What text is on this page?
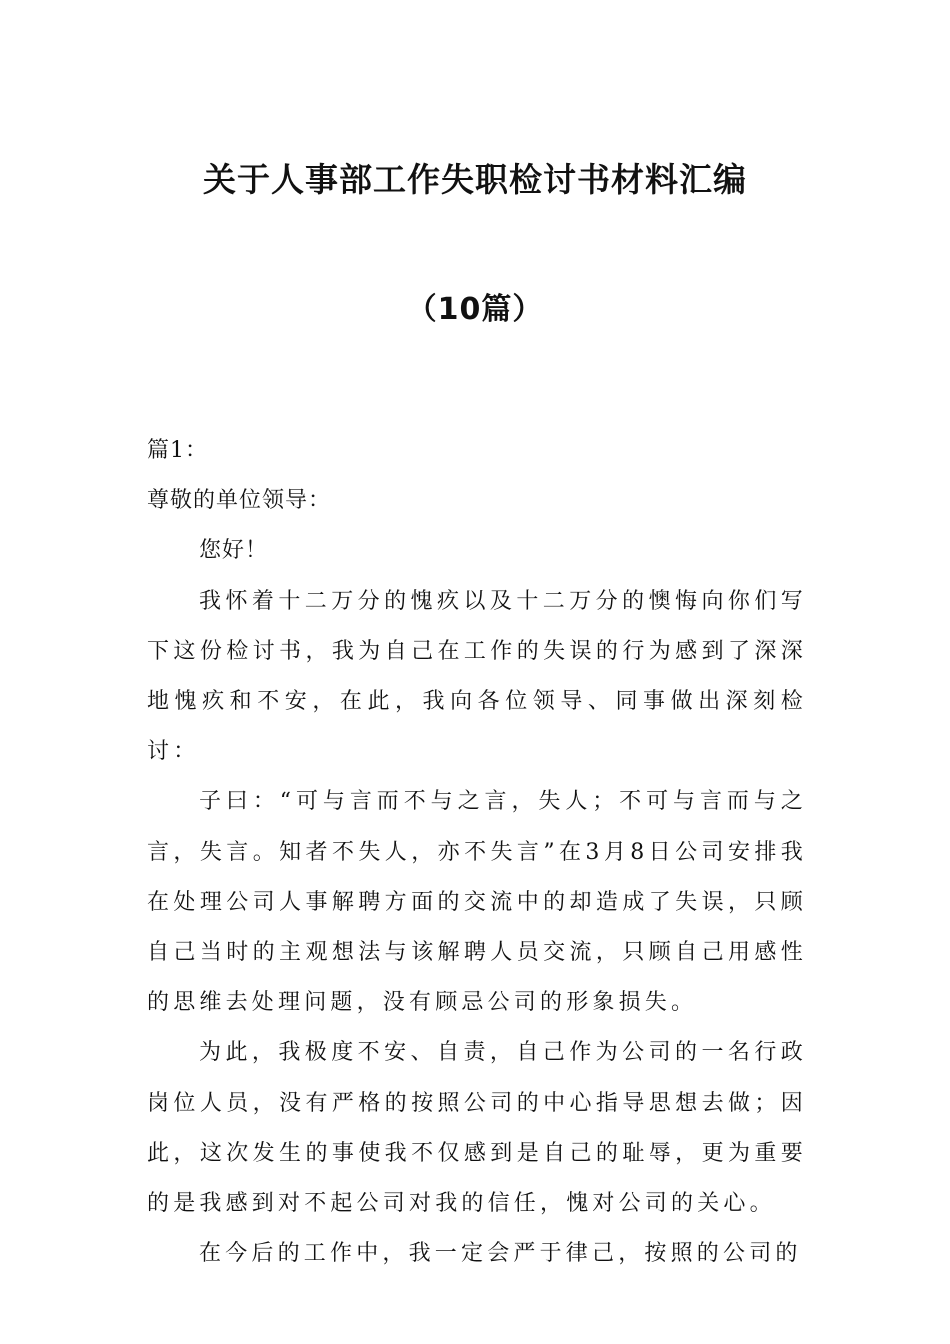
关于人事部工作失职检讨书材料汇编
（10篇）

篇1：

尊敬的单位领导：

您好！

我怀着十二万分的愧疚以及十二万分的懊悔向你们写下这份检讨书，我为自己在工作的失误的行为感到了深深地愧疚和不安，在此，我向各位领导、同事做出深刻检讨：

子曰：“可与言而不与之言，失人；不可与言而与之言，失言。知者不失人，亦不失言”在3月8日公司安排我在处理公司人事解聘方面的交流中的却造成了失误，只顾自己当时的主观想法与该解聘人员交流，只顾自己用感性的思维去处理问题，没有顾忌公司的形象损失。

为此，我极度不安、自责，自己作为公司的一名行政岗位人员，没有严格的按照公司的中心指导思想去做；因此，这次发生的事使我不仅感到是自己的耻辱，更为重要的是我感到对不起公司对我的信任，愧对公司的关心。

在今后的工作中，我一定会严于律己，按照的公司的
